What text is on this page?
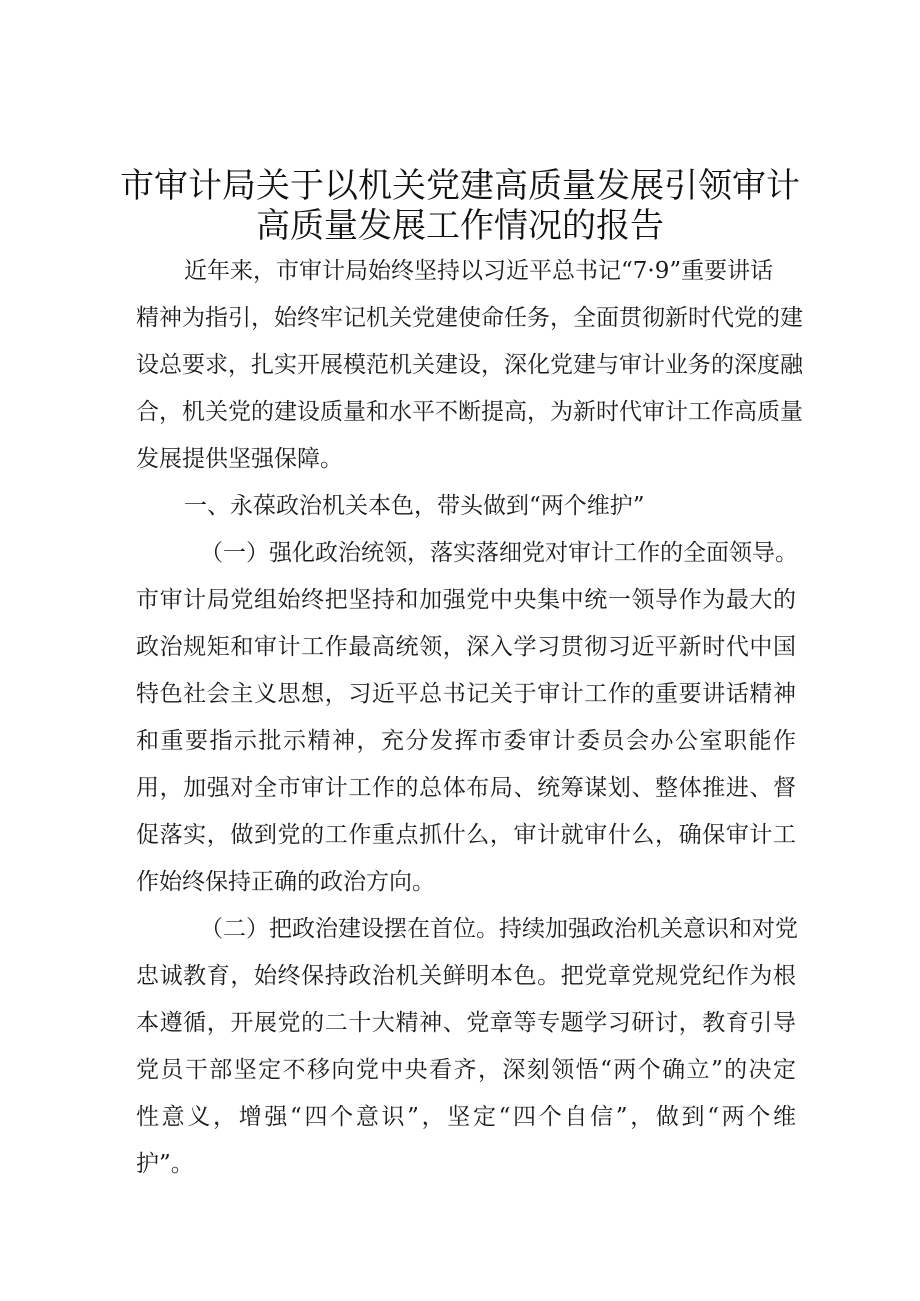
市审计局关于以机关党建高质量发展引领审计
高质量发展工作情况的报告
近年来，市审计局始终坚持以习近平总书记“7·9”重要讲话
精神为指引，始终牢记机关党建使命任务，全面贯彻新时代党的建
设总要求，扎实开展模范机关建设，深化党建与审计业务的深度融
合，机关党的建设质量和水平不断提高，为新时代审计工作高质量
发展提供坚强保障。
一、永葆政治机关本色，带头做到“两个维护”
（一）强化政治统领，落实落细党对审计工作的全面领导。
市审计局党组始终把坚持和加强党中央集中统一领导作为最大的
政治规矩和审计工作最高统领，深入学习贯彻习近平新时代中国
特色社会主义思想，习近平总书记关于审计工作的重要讲话精神
和重要指示批示精神，充分发挥市委审计委员会办公室职能作
用，加强对全市审计工作的总体布局、统筹谋划、整体推进、督
促落实，做到党的工作重点抓什么，审计就审什么，确保审计工
作始终保持正确的政治方向。
（二）把政治建设摆在首位。持续加强政治机关意识和对党
忠诚教育，始终保持政治机关鲜明本色。把党章党规党纪作为根
本遵循，开展党的二十大精神、党章等专题学习研讨，教育引导
党员干部坚定不移向党中央看齐，深刻领悟“两个确立”的决定
性意义，增强“四个意识”，坚定“四个自信”，做到“两个维
护”。
